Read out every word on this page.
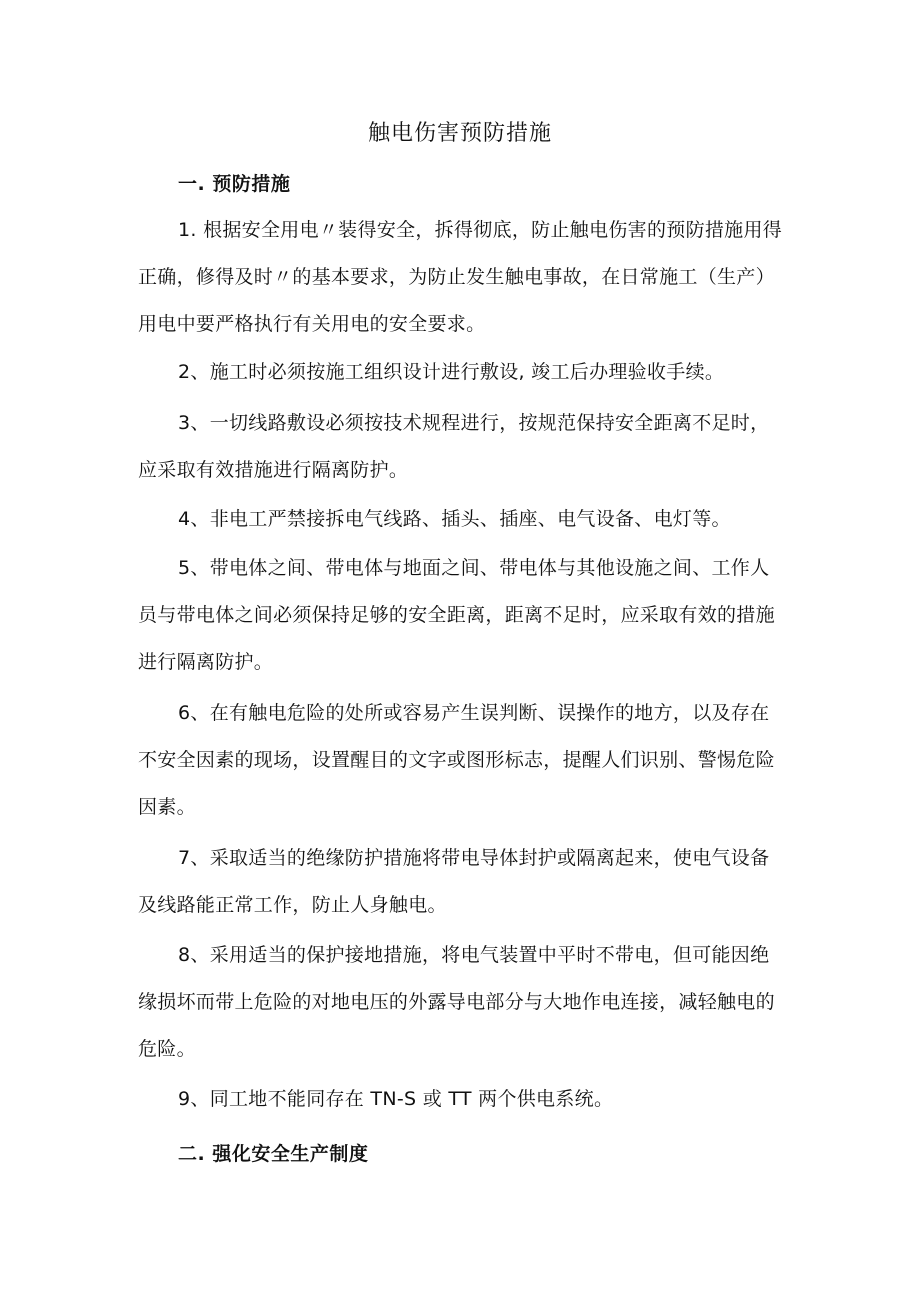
触电伤害预防措施
一. 预防措施

1. 根据安全用电〃装得安全，拆得彻底，防止触电伤害的预防措施用得正确，修得及时〃的基本要求，为防止发生触电事故，在日常施工（生产）用电中要严格执行有关用电的安全要求。

2、施工时必须按施工组织设计进行敷设, 竣工后办理验收手续。

3、一切线路敷设必须按技术规程进行，按规范保持安全距离不足时，应采取有效措施进行隔离防护。

4、非电工严禁接拆电气线路、插头、插座、电气设备、电灯等。

5、带电体之间、带电体与地面之间、带电体与其他设施之间、工作人员与带电体之间必须保持足够的安全距离，距离不足时，应采取有效的措施进行隔离防护。

6、在有触电危险的处所或容易产生误判断、误操作的地方，以及存在不安全因素的现场，设置醒目的文字或图形标志，提醒人们识别、警惕危险因素。

7、采取适当的绝缘防护措施将带电导体封护或隔离起来，使电气设备及线路能正常工作，防止人身触电。

8、采用适当的保护接地措施，将电气装置中平时不带电，但可能因绝缘损坏而带上危险的对地电压的外露导电部分与大地作电连接，减轻触电的危险。

9、同工地不能同存在 TN-S 或 TT 两个供电系统。

二. 强化安全生产制度
